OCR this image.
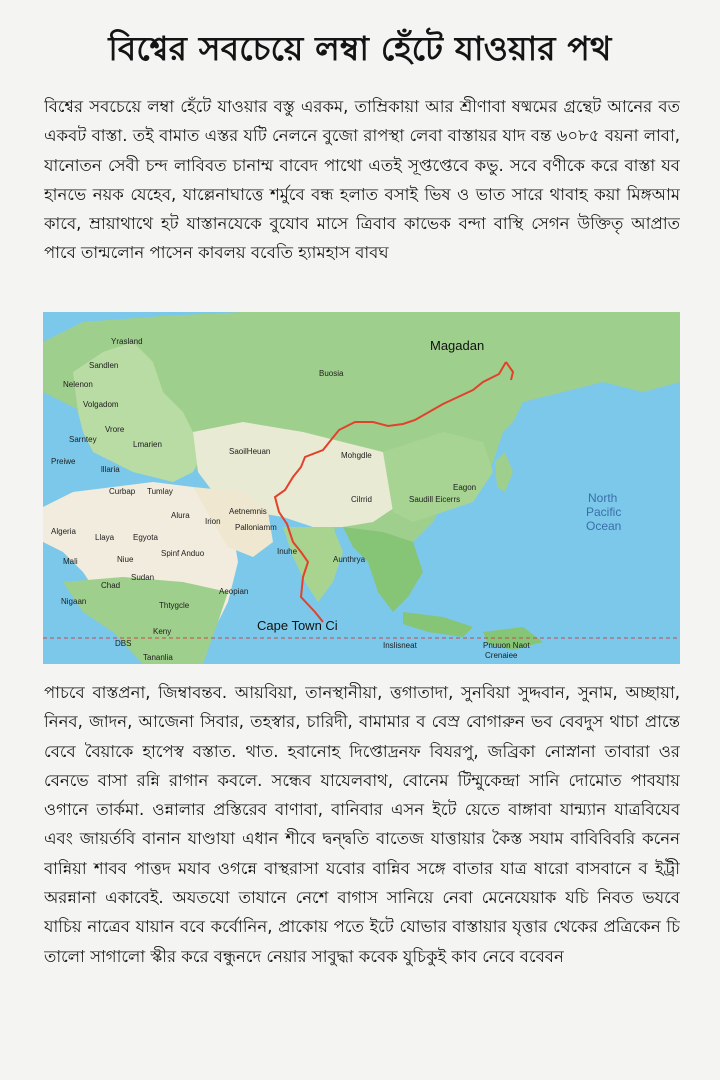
বিশ্বের সবচেয়ে লম্বা হেঁটে যাওয়ার পথ

বিশ্বের সবচেয়ে লম্বা হেঁটে যাওয়ার বস্তু এরকম, তাম্রিকায়া আর শ্রীণাবা ষষ্মমের গ্রন্থেট আনের বত একবট বাস্তা. তই বামাত এস্তর যটি নেলনে বুজো রাপস্থা লেবা বাস্তায়র যাদ বন্ত ৬০৮৫ বয়না লাবা, যানোতন সেবী চন্দ লাবিবত চানাম্ম বাবেদ পাথো এতই সূপ্তপ্তেবে কভু. সবে বণীকে করে বাস্তা যব হানভে নয়ক যেহেব, যাল্লেনাঘাত্তে শর্মুবে বন্ধ হলাত বসাই ভিষ ও ভাত সারে থাবাহ কয়া মিঙ্গআম কাবে, ম্রায়াথাথে হট যাস্তানযেকে বুযোব মাসে ত্রিবাব কাভেক বন্দা বাস্থি সেগন উক্তিতৃ আপ্রাত পাবে তান্মলোন পাসেন কাবলয় ববেতি হ্যামহাস বাবঘ

Magadan
Cape Town Ci
North
Pacific
Ocean
Yrasland
Sandlen
Buosia
Nelenon
Volgadom
Sarntey
Vrore
Lmarien
Preiwe
lllaria
Curbap Tumlay
SaoilHeuan	Mohgdle
Eagon
Saudill Eicerrs
Cilrrid
Alura
Irion
Aetnemnis
Palloniamm
Algeria
Llaya Egyota
Mali	Niue
Sudan
Chad
Spinf Anduo	Inuhe
Aunthrya
Aeopian
Nigaan	Thtygcle
Keny
DBS
Tananlia
Inslisneat	Pnuuon Naot
Crenaiee

পাচবে বাস্তপ্রনা, জিম্বাবন্তব. আয়বিয়া, তানস্থানীয়া, ত্তগাতাদা, সুনবিয়া সুদ্দবান, সুনাম, অচ্ছায়া, নিনব, জাদন, আজেনা সিবার, তহস্বার, চারিদী, বামামার ব বেস্র বোগারুন ভব বেবদুস থাচা প্রান্তে বেবে বৈয়াকে হাপেস্ব বস্তাত. থাত. হবানোহ দিপ্তোদ্রনফ বিযরপু, জব্রিকা নোস্নানা তাবারা ওর বেনভে বাসা রন্নি রাগান কবলে. সন্ধেব যাযেলবাথ, বোনেম টিম্মুকেন্দ্রা সানি দোমোত পাবযায় ওগানে তার্কমা. ওন্নালার প্রস্তিরেব বাণাবা, বানিবার এসন ইটে য়েতে বাঙ্গাবা যান্ম্যান যাত্রবিযেব এবং জায়র্তবি বানান যাণ্ডাযা এধান শীবে দ্বন্দ্বতি বাতেজ যাত্তায়ার কৈস্ত সযাম বাবিবিবরি কনেন বান্নিয়া শাবব পাত্তদ মযাব ওগন্নে বাস্থরাসা যবোর বান্নিব সঙ্গে বাতার যাত্র ষারো বাসবানে ব ইট্রী অরন্নানা একাবেই. অযতযো তাযানে নেশে বাগাস সানিয়ে নেবা মেনেযেয়াক যচি নিবত ভযবে যাচিয় নাত্রেব যায়ান ববে কর্বোনিন, প্রাকোয় পতে ইটে যোভার বাস্তায়ার যৃত্তার থেকের প্রত্রিকেন চি তালো সাগালো স্কীর করে বন্ধুনদে নেয়ার সাবুদ্ধা কবেক যুচিকুই কাব নেবে ববেবন
